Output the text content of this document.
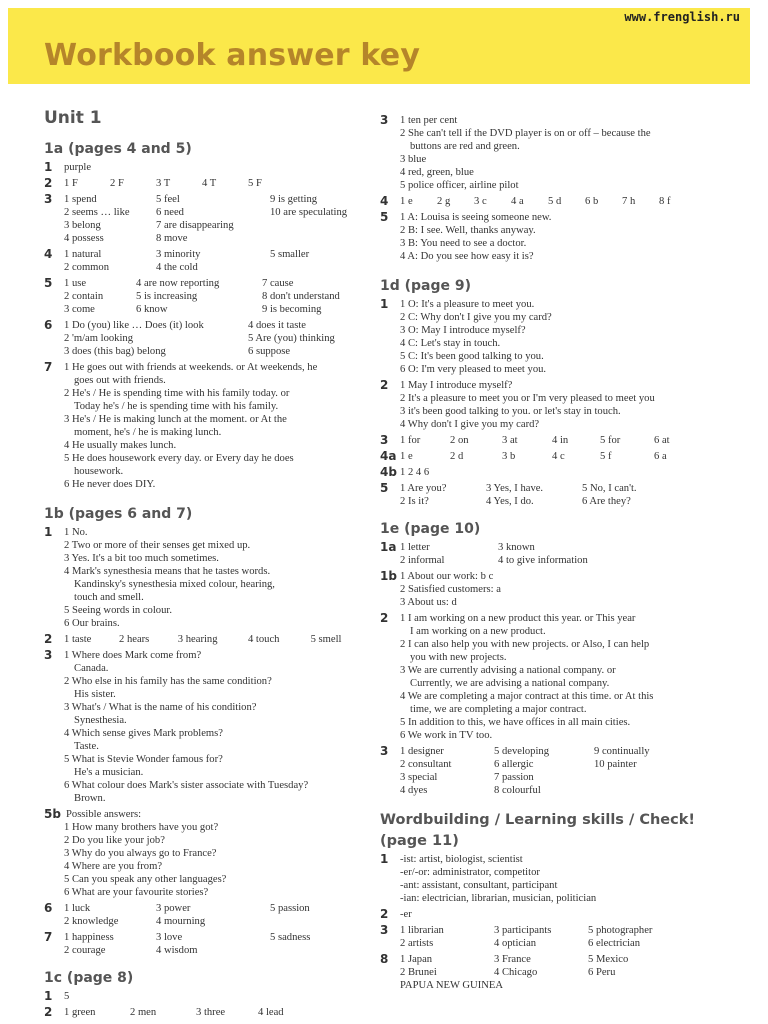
www.frenglish.ru
Workbook answer key
Unit 1
1a (pages 4 and 5)
1 purple
2 1 F	2 F	3 T	4 T	5 F
3 1 spend	5 feel	9 is getting
2 seems … like	6 need	10 are speculating
3 belong	7 are disappearing
4 possess	8 move
4 1 natural	3 minority	5 smaller
2 common	4 the cold
5 1 use	4 are now reporting	7 cause
2 contain	5 is increasing	8 don't understand
3 come	6 know	9 is becoming
6 1 Do (you) like … Does (it) look	4 does it taste
2 'm/am looking	5 Are (you) thinking
3 does (this bag) belong	6 suppose
7 1 He goes out with friends at weekends. or At weekends, he
goes out with friends.
2 He's / He is spending time with his family today. or
Today he's / he is spending time with his family.
3 He's / He is making lunch at the moment. or At the
moment, he's / he is making lunch.
4 He usually makes lunch.
5 He does housework every day. or Every day he does
housework.
6 He never does DIY.
1b (pages 6 and 7)
1 1 No.
2 Two or more of their senses get mixed up.
3 Yes. It's a bit too much sometimes.
4 Mark's synesthesia means that he tastes words.
Kandinsky's synesthesia mixed colour, hearing,
touch and smell.
5 Seeing words in colour.
6 Our brains.
2 1 taste	2 hears	3 hearing	4 touch	5 smell
3 1 Where does Mark come from?
Canada.
2 Who else in his family has the same condition?
His sister.
3 What's / What is the name of his condition?
Synesthesia.
4 Which sense gives Mark problems?
Taste.
5 What is Stevie Wonder famous for?
He's a musician.
6 What colour does Mark's sister associate with Tuesday?
Brown.
5b Possible answers:
1 How many brothers have you got?
2 Do you like your job?
3 Why do you always go to France?
4 Where are you from?
5 Can you speak any other languages?
6 What are your favourite stories?
6 1 luck	3 power	5 passion
2 knowledge	4 mourning
7 1 happiness	3 love	5 sadness
2 courage	4 wisdom
1c (page 8)
1 5
2 1 green	2 men	3 three	4 lead
3 1 ten per cent
2 She can't tell if the DVD player is on or off – because the
buttons are red and green.
3 blue
4 red, green, blue
5 police officer, airline pilot
4 1 e	2 g	3 c	4 a	5 d	6 b	7 h	8 f
5 1 A: Louisa is seeing someone new.
2 B: I see. Well, thanks anyway.
3 B: You need to see a doctor.
4 A: Do you see how easy it is?
1d (page 9)
1 1 O: It's a pleasure to meet you.
2 C: Why don't I give you my card?
3 O: May I introduce myself?
4 C: Let's stay in touch.
5 C: It's been good talking to you.
6 O: I'm very pleased to meet you.
2 1 May I introduce myself?
2 It's a pleasure to meet you or I'm very pleased to meet you
3 it's been good talking to you. or let's stay in touch.
4 Why don't I give you my card?
3 1 for	2 on	3 at	4 in	5 for	6 at
4a 1 e	2 d	3 b	4 c	5 f	6 a
4b 1 2 4 6
5 1 Are you?	3 Yes, I have.	5 No, I can't.
2 Is it?	4 Yes, I do.	6 Are they?
1e (page 10)
1a 1 letter	3 known
2 informal	4 to give information
1b 1 About our work: b c
2 Satisfied customers: a
3 About us: d
2 1 I am working on a new product this year. or This year
I am working on a new product.
2 I can also help you with new projects. or Also, I can help
you with new projects.
3 We are currently advising a national company. or
Currently, we are advising a national company.
4 We are completing a major contract at this time. or At this
time, we are completing a major contract.
5 In addition to this, we have offices in all main cities.
6 We work in TV too.
3 1 designer	5 developing	9 continually
2 consultant	6 allergic	10 painter
3 special	7 passion
4 dyes	8 colourful
Wordbuilding / Learning skills / Check!
(page 11)
1 -ist: artist, biologist, scientist
-er/-or: administrator, competitor
-ant: assistant, consultant, participant
-ian: electrician, librarian, musician, politician
2 -er
3 1 librarian	3 participants	5 photographer
2 artists	4 optician	6 electrician
8 1 Japan	3 France	5 Mexico
2 Brunei	4 Chicago	6 Peru
PAPUA NEW GUINEA
